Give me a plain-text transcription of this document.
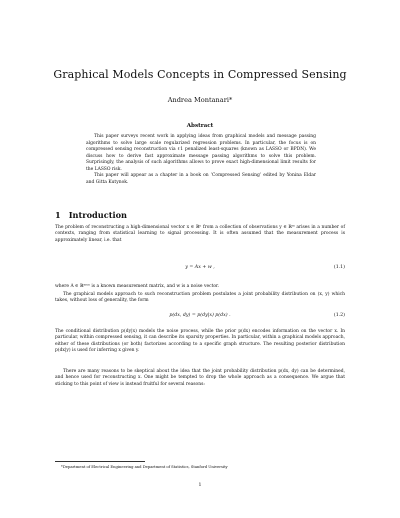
Graphical Models Concepts in Compressed Sensing
Andrea Montanari*
Abstract

This paper surveys recent work in applying ideas from graphical models and message passing algorithms to solve large scale regularized regression problems. In particular, the focus is on compressed sensing reconstruction via ℓ1 penalized least-squares (known as LASSO or BPDN). We discuss how to derive fast approximate message passing algorithms to solve this problem. Surprisingly, the analysis of such algorithms allows to prove exact high-dimensional limit results for the LASSO risk.

This paper will appear as a chapter in a book on ‘Compressed Sensing’ edited by Yonina Eldar and Gitta Kutynok.

1 Introduction

The problem of reconstructing a high-dimensional vector x ∈ ℝⁿ from a collection of observations y ∈ ℝᵐ arises in a number of contexts, ranging from statistical learning to signal processing. It is often assumed that the measurement process is approximately linear, i.e. that

y = Ax + w ,	(1.1)

where A ∈ ℝᵐˣⁿ is a known measurement matrix, and w is a noise vector.

The graphical models approach to such reconstruction problem postulates a joint probability distribution on (x, y) which takes, without loss of generality, the form

p(dx, dy) = p(dy|x) p(dx) .	(1.2)

The conditional distribution p(dy|x) models the noise process, while the prior p(dx) encodes information on the vector x. In particular, within compressed sensing, it can describe its sparsity properties. In particular, within a graphical models approach, either of these distributions (or both) factorizes according to a specific graph structure. The resulting posterior distribution p(dx|y) is used for inferring x given y.

There are many reasons to be skeptical about the idea that the joint probability distribution p(dx, dy) can be determined, and hence used for reconstructing x. One might be tempted to drop the whole approach as a consequence. We argue that sticking to this point of view is instead fruitful for several reasons:

*Department of Electrical Engineering and Department of Statistics, Stanford University
1
